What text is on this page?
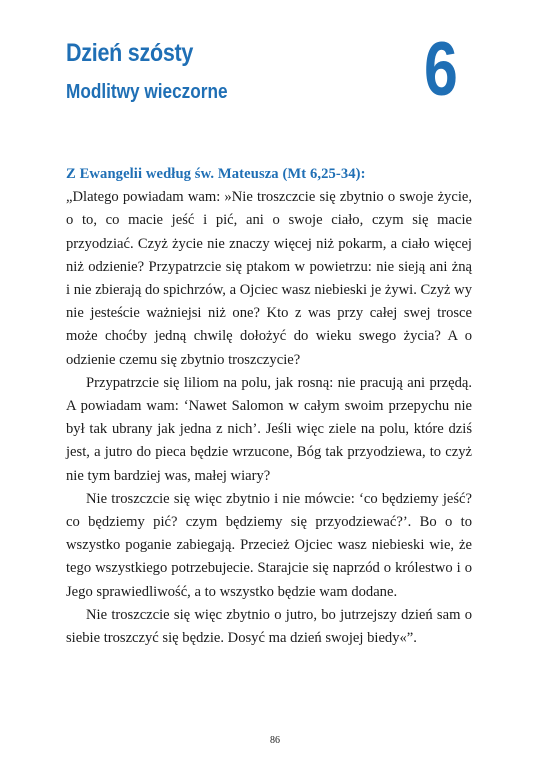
Dzień szósty
Modlitwy wieczorne	6

Z Ewangelii według św. Mateusza (Mt 6,25-34):

„Dlatego powiadam wam: »Nie troszczcie się zbytnio o swoje życie, o to, co macie jeść i pić, ani o swoje ciało, czym się macie przyodziać. Czyż życie nie znaczy więcej niż pokarm, a ciało więcej niż odzienie? Przypatrzcie się ptakom w powietrzu: nie sieją ani żną i nie zbierają do spichrzów, a Ojciec wasz niebieski je żywi. Czyż wy nie jesteście ważniejsi niż one? Kto z was przy całej swej trosce może choćby jedną chwilę dołożyć do wieku swego życia? A o odzienie czemu się zbytnio troszczycie?

Przypatrzcie się liliom na polu, jak rosną: nie pracują ani przędą. A powiadam wam: ‘Nawet Salomon w całym swoim przepychu nie był tak ubrany jak jedna z nich’. Jeśli więc ziele na polu, które dziś jest, a jutro do pieca będzie wrzucone, Bóg tak przyodziewa, to czyż nie tym bardziej was, małej wiary?

Nie troszczcie się więc zbytnio i nie mówcie: ‘co będziemy jeść? co będziemy pić? czym będziemy się przyodziewać?’. Bo o to wszystko poganie zabiegają. Przecież Ojciec wasz niebieski wie, że tego wszystkiego potrzebujecie. Starajcie się naprzód o królestwo i o Jego sprawiedliwość, a to wszystko będzie wam dodane.

Nie troszczcie się więc zbytnio o jutro, bo jutrzejszy dzień sam o siebie troszczyć się będzie. Dosyć ma dzień swojej biedy«”.

86
